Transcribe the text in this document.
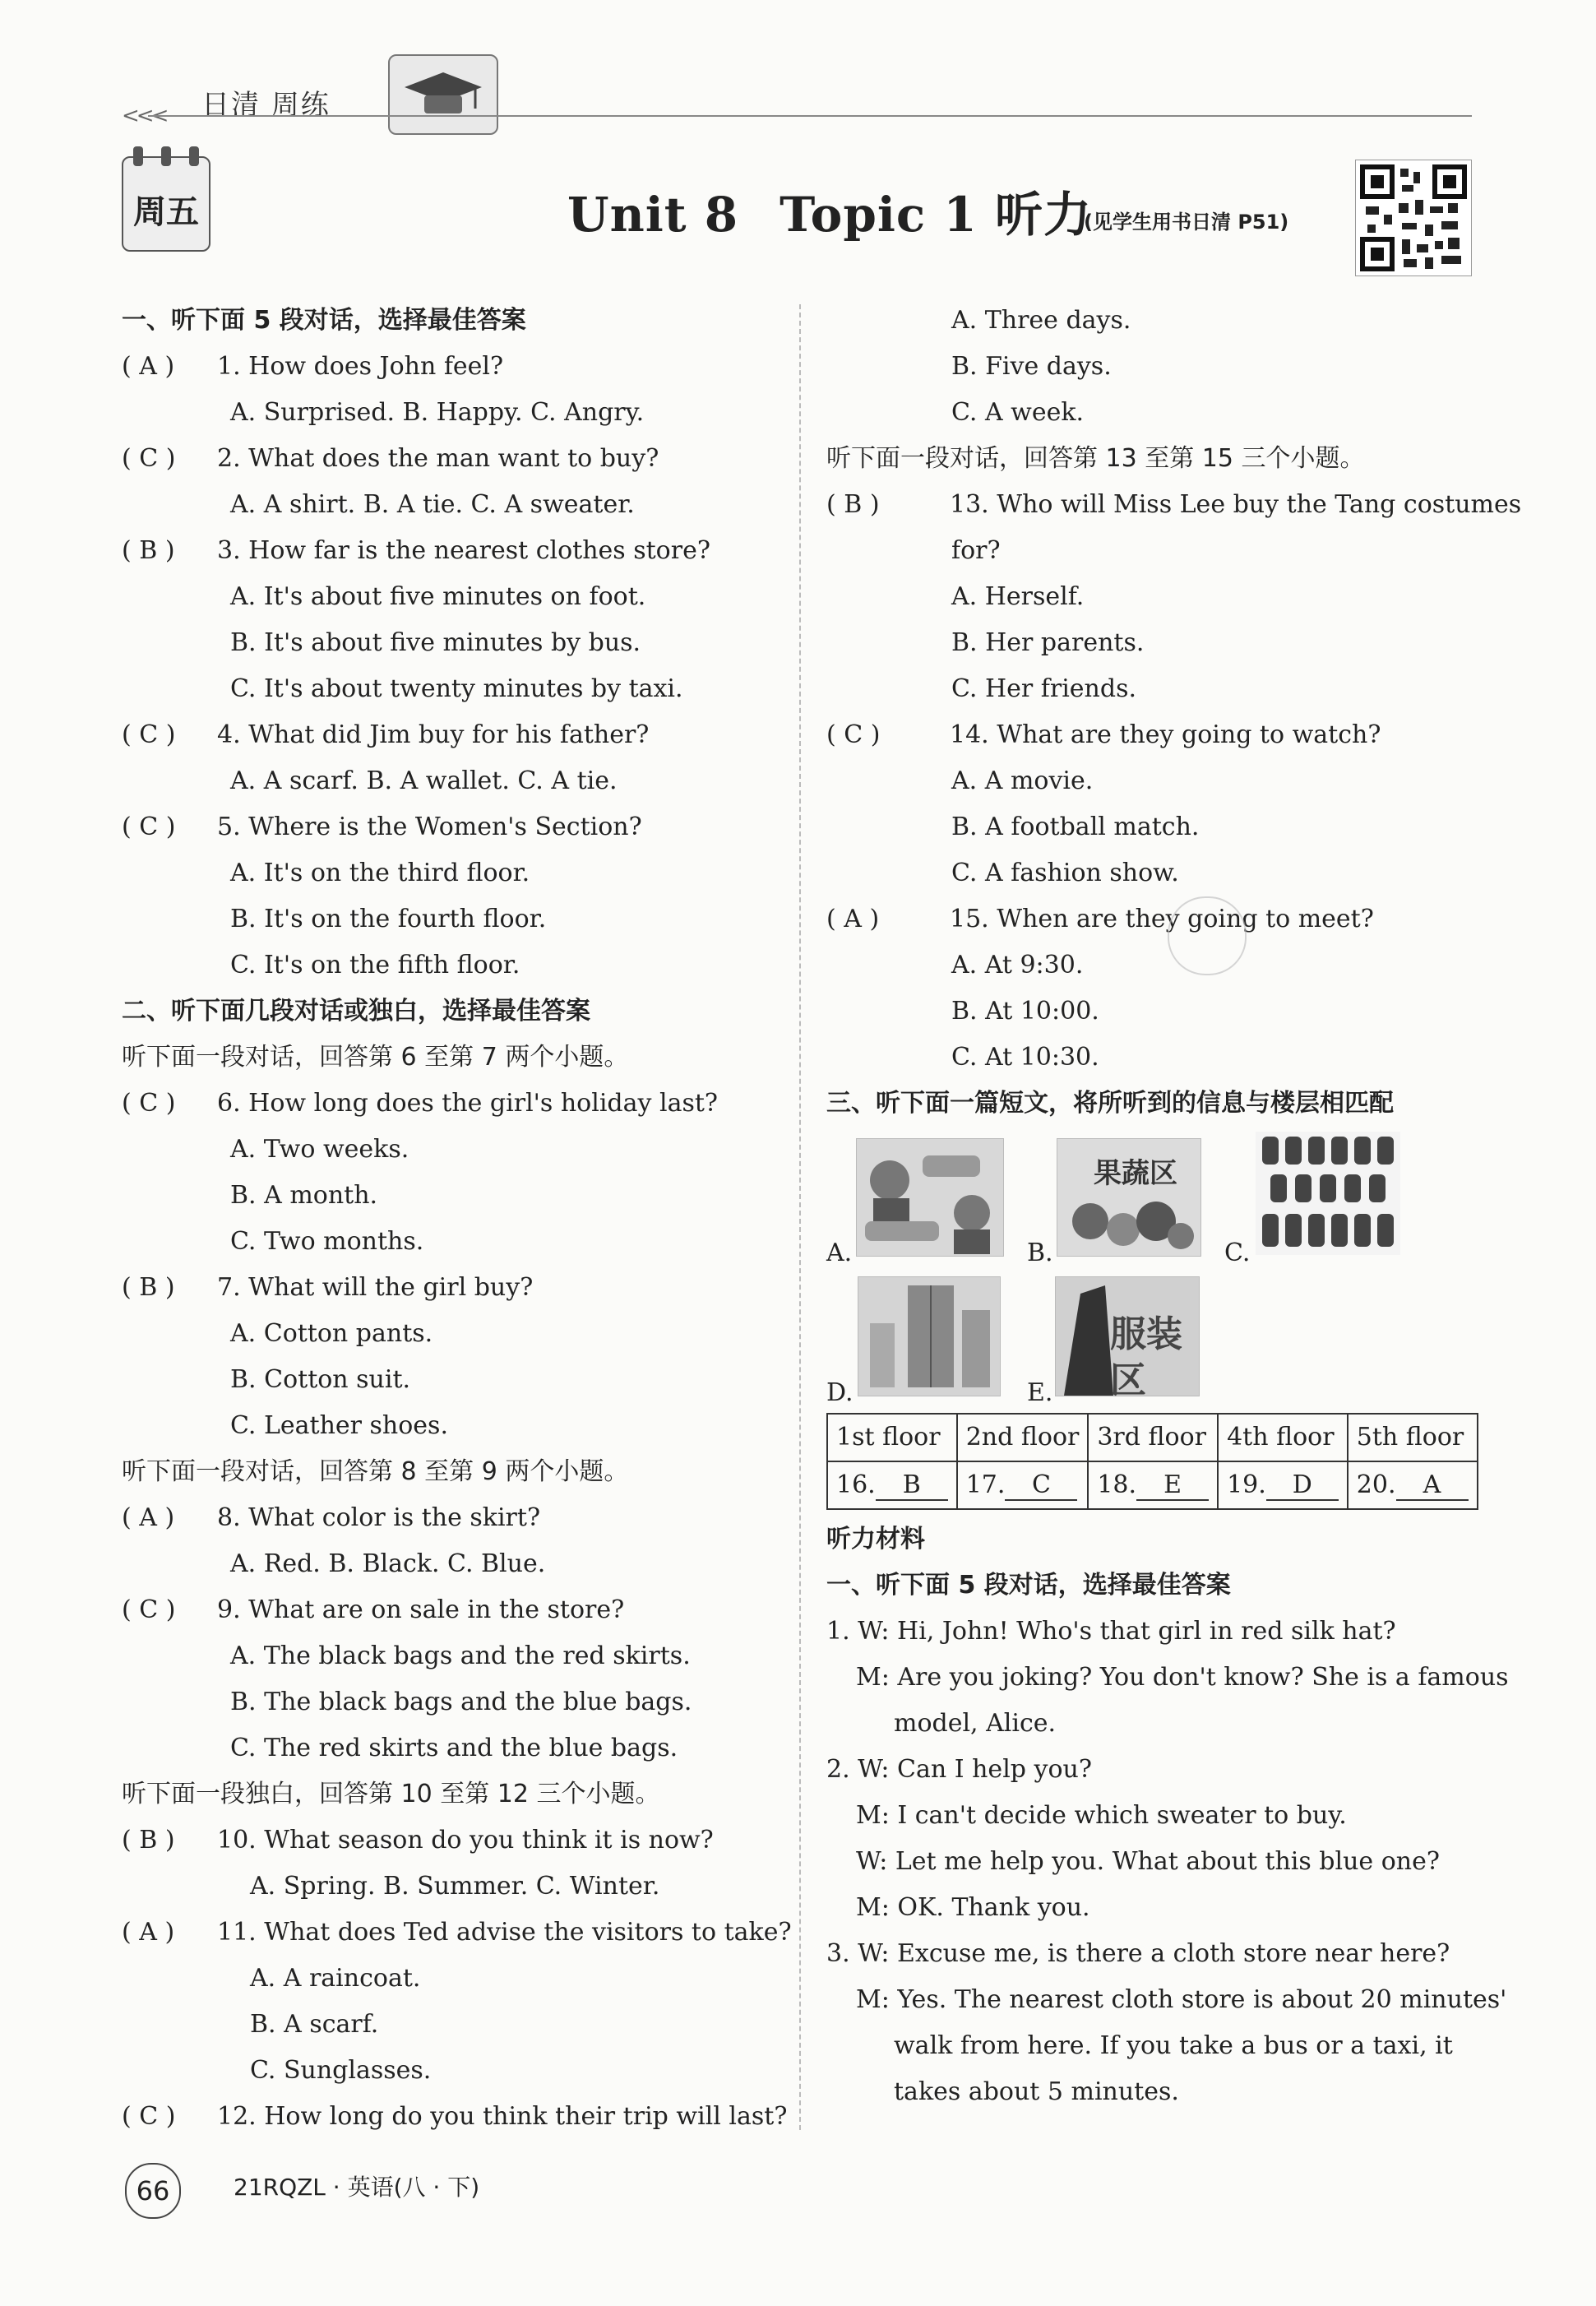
<<< 日清 周练
周五	Unit 8 Topic 1 听力
(见学生用书日清 P51)
一、听下面 5 段对话，选择最佳答案
( A ) 1. How does John feel?
A. Surprised. B. Happy. C. Angry.
( C ) 2. What does the man want to buy?
A. A shirt. B. A tie. C. A sweater.
( B ) 3. How far is the nearest clothes store?
A. It's about five minutes on foot.
B. It's about five minutes by bus.
C. It's about twenty minutes by taxi.
( C ) 4. What did Jim buy for his father?
A. A scarf. B. A wallet. C. A tie.
( C ) 5. Where is the Women's Section?
A. It's on the third floor.
B. It's on the fourth floor.
C. It's on the fifth floor.
二、听下面几段对话或独白，选择最佳答案
听下面一段对话，回答第 6 至第 7 两个小题。
( C ) 6. How long does the girl's holiday last?
A. Two weeks.
B. A month.
C. Two months.
( B ) 7. What will the girl buy?
A. Cotton pants.
B. Cotton suit.
C. Leather shoes.
听下面一段对话，回答第 8 至第 9 两个小题。
( A ) 8. What color is the skirt?
A. Red. B. Black. C. Blue.
( C ) 9. What are on sale in the store?
A. The black bags and the red skirts.
B. The black bags and the blue bags.
C. The red skirts and the blue bags.
听下面一段独白，回答第 10 至第 12 三个小题。
( B ) 10. What season do you think it is now?
A. Spring. B. Summer. C. Winter.
( A ) 11. What does Ted advise the visitors to take?
A. A raincoat.
B. A scarf.
C. Sunglasses.
( C ) 12. How long do you think their trip will last?
A. Three days.
B. Five days.
C. A week.
听下面一段对话，回答第 13 至第 15 三个小题。
( B )	13. Who will Miss Lee buy the Tang costumes
for?
A. Herself.
B. Her parents.
C. Her friends.
( C )	14. What are they going to watch?
A. A movie.
B. A football match.
C. A fashion show.
( A )	15. When are they going to meet?
A. At 9:30.
B. At 10:00.
C. At 10:30.
三、听下面一篇短文，将所听到的信息与楼层相匹配
A.	B.
果蔬区
C.
D.	E.
服装区
1st floor	2nd floor	3rd floor	4th floor	5th floor
16. B	17. C	18. E	19. D	20. A
听力材料
一、听下面 5 段对话，选择最佳答案
1. W: Hi, John! Who's that girl in red silk hat?
M: Are you joking? You don't know? She is a famous
model, Alice.
2. W: Can I help you?
M: I can't decide which sweater to buy.
W: Let me help you. What about this blue one?
M: OK. Thank you.
3. W: Excuse me, is there a cloth store near here?
M: Yes. The nearest cloth store is about 20 minutes'
walk from here. If you take a bus or a taxi, it
takes about 5 minutes.
66	21RQZL · 英语(八 · 下)
